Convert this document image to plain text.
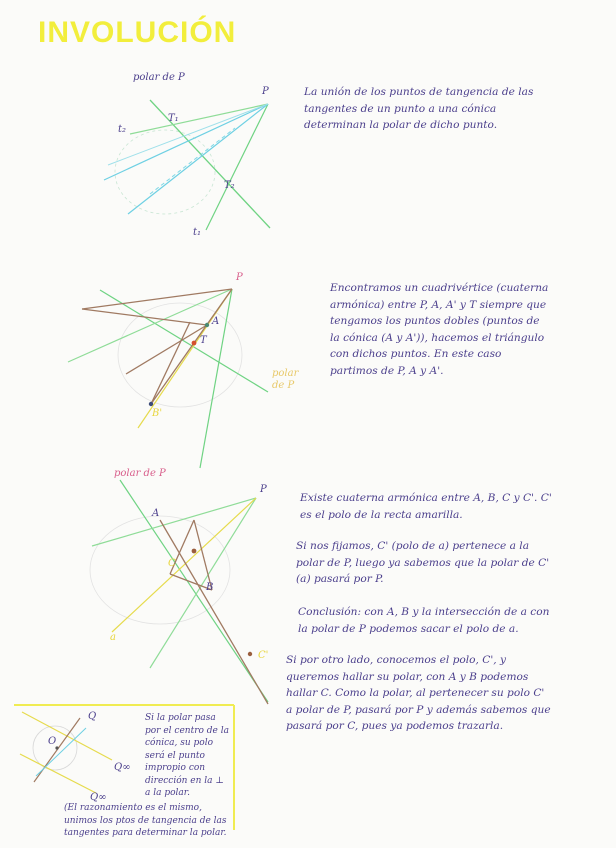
INVOLUCIÓN
polar de P
P
T₁
T₂
t₁
t₂
La unión de los puntos de tangencia de las tangentes de un punto a una cónica determinan la polar de dicho punto.
P
A
T
B'
polar de P
Encontramos un cuadrivértice (cuaterna armónica) entre P, A, A' y T siempre que tengamos los puntos dobles (puntos de la cónica (A y A')), hacemos el triángulo con dichos puntos. En este caso partimos de P, A y A'.
polar de P
P
A
C
B
a
C'
Existe cuaterna armónica entre A, B, C y C'. C' es el polo de la recta amarilla.
Si nos fijamos, C' (polo de a) pertenece a la polar de P, luego ya sabemos que la polar de C' (a) pasará por P.
Conclusión: con A, B y la intersección de a con la polar de P podemos sacar el polo de a.
Si por otro lado, conocemos el polo, C', y queremos hallar su polar, con A y B podemos hallar C. Como la polar, al pertenecer su polo C' a polar de P, pasará por P y además sabemos que pasará por C, pues ya podemos trazarla.
Q
O
Q∞
Q∞
Si la polar pasa por el centro de la cónica, su polo será el punto impropio con dirección en la ⊥ a la polar.
(El razonamiento es el mismo, unimos los ptos de tangencia de las tangentes para determinar la polar.
